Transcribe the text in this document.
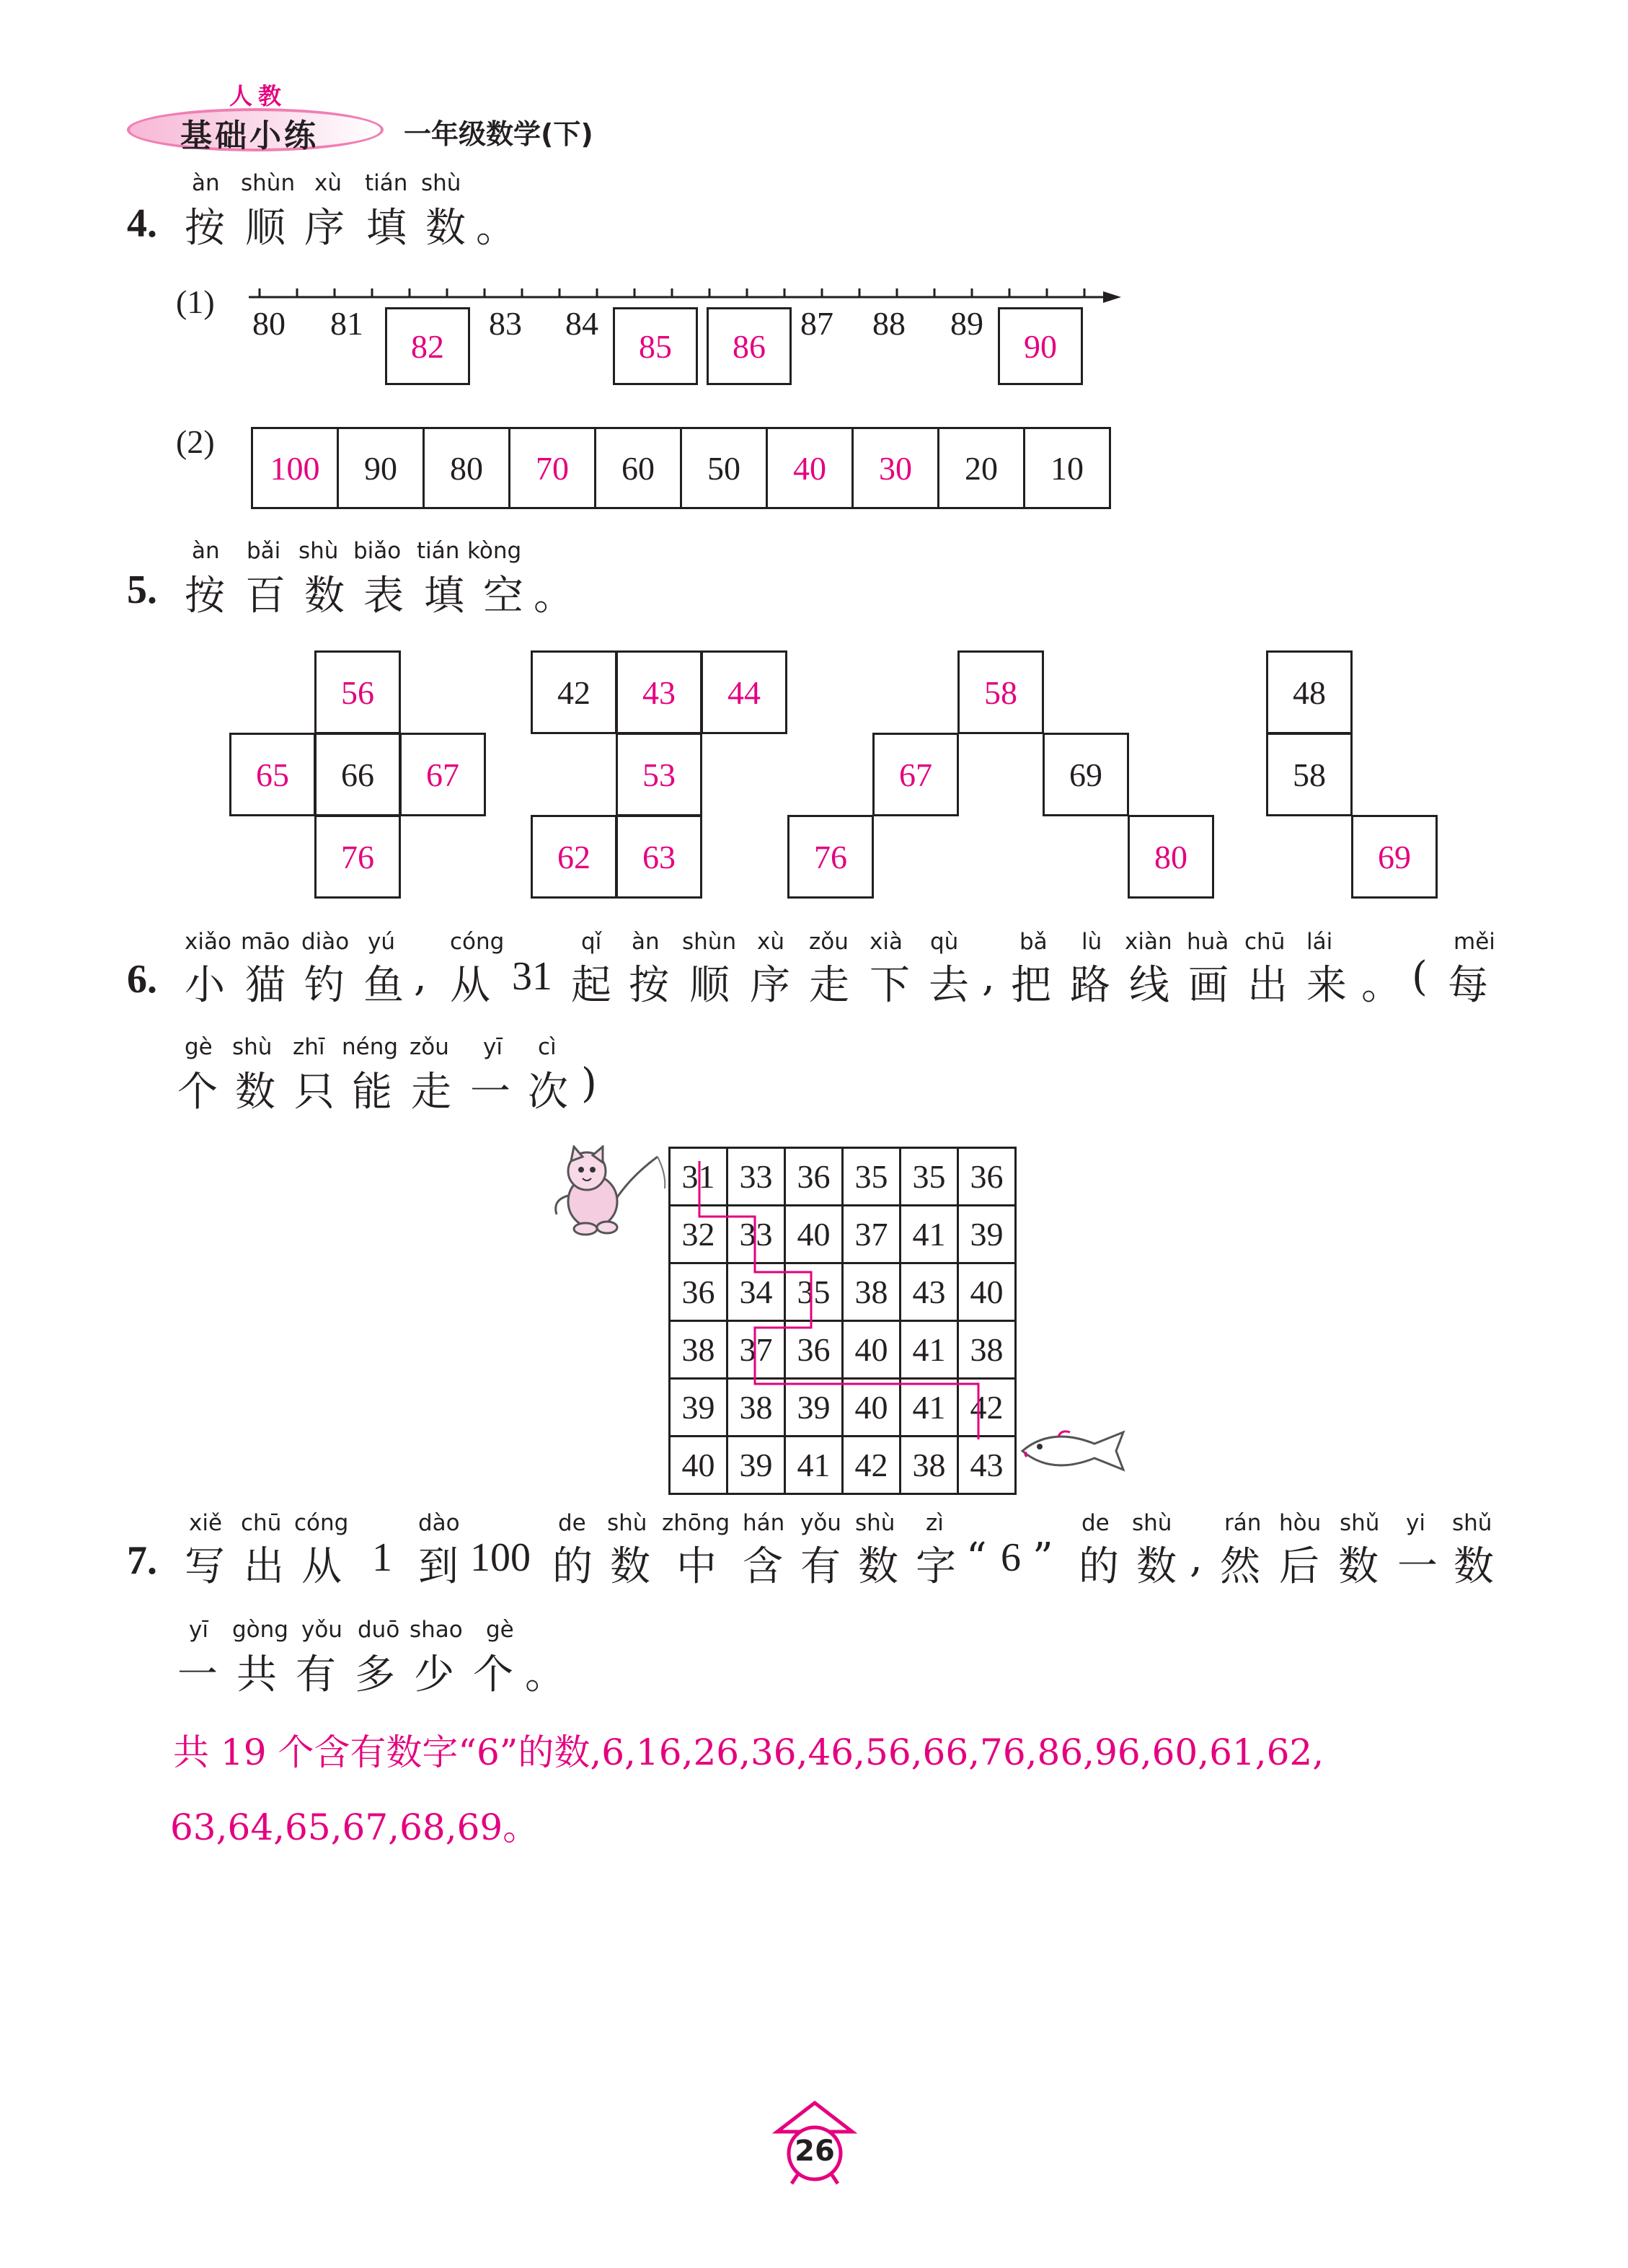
人教
基础小练	一年级数学(下)
4.
àn shùn xù tián shù
按 顺 序 填 数 。
(1)
80 81	83 84	87 88 89
82	85	86	90
(2)
100	90	80	70	60	50	40	30	20	10
5.
àn bǎi shù biǎo tián kòng
按 百 数 表 填 空 。
56
65	66	67
76
42	43	44
53
62	63
58
67	69
76	80
48
58
69
6.
xiǎo māo diào yú cóng	qǐ àn shùn xù zǒu xià qù	bǎ lù xiàn huà chū lái	měi
小 猫 钓 鱼 , 从 31 起 按 顺 序 走 下 去 , 把 路 线 画 出 来 。 ( 每
gè shù zhī néng zǒu yī cì
个 数 只 能 走 一 次 )
31	33	36	35	35	36
32	33	40	37	41	39
36	34	35	38	43	40
38	37	36	40	41	38
39	38	39	40	41	42
40	39	41	42	38	43
7.
xiě chū cóng	dào	de shù zhōng hán yǒu shù zì	de shù rán hòu shǔ yi shǔ
写 出 从 1 到 100 的 数 中 含 有 数 字 “ 6 ” 的 数 , 然 后 数 一 数
yī gòng yǒu duō shao gè
一 共 有 多 少 个 。
共 19 个含有数字“6”的数,6,16,26,36,46,56,66,76,86,96,60,61,62,
63,64,65,67,68,69。
26
